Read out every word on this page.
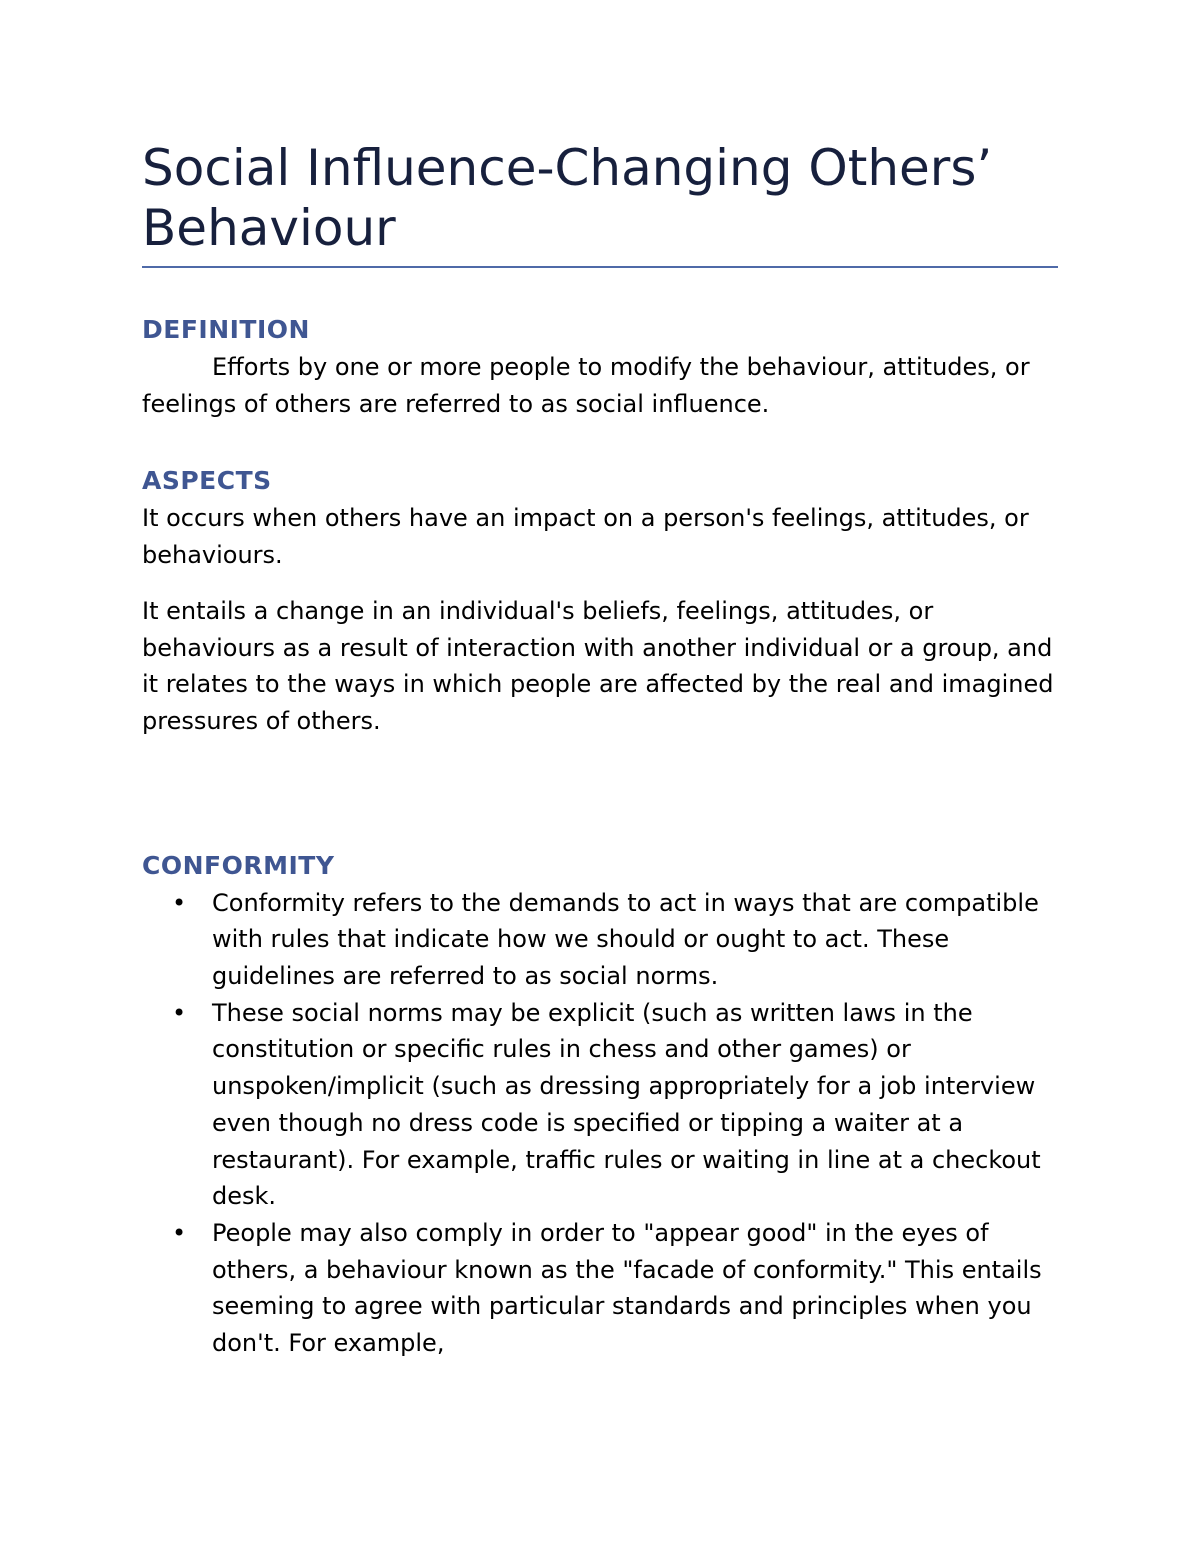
Social Influence-Changing Others’ Behaviour
DEFINITION

Efforts by one or more people to modify the behaviour, attitudes, or feelings of others are referred to as social influence.

ASPECTS

It occurs when others have an impact on a person's feelings, attitudes, or behaviours.

It entails a change in an individual's beliefs, feelings, attitudes, or behaviours as a result of interaction with another individual or a group, and it relates to the ways in which people are affected by the real and imagined pressures of others.

CONFORMITY
• Conformity refers to the demands to act in ways that are compatible with rules that indicate how we should or ought to act. These guidelines are referred to as social norms.
• These social norms may be explicit (such as written laws in the constitution or specific rules in chess and other games) or unspoken/implicit (such as dressing appropriately for a job interview even though no dress code is specified or tipping a waiter at a restaurant). For example, traffic rules or waiting in line at a checkout desk.
• People may also comply in order to "appear good" in the eyes of others, a behaviour known as the "facade of conformity." This entails seeming to agree with particular standards and principles when you don't. For example,
